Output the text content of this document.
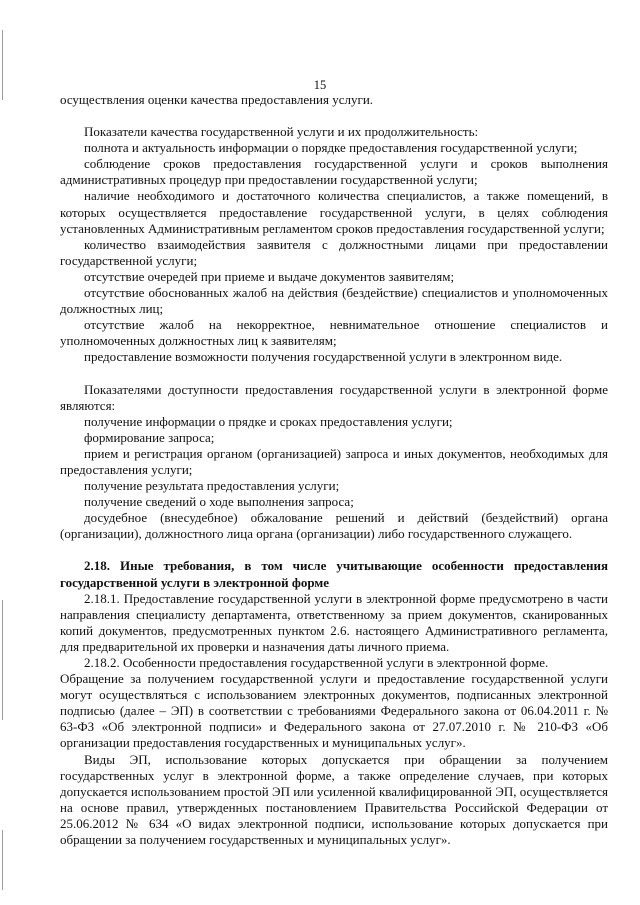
15

осуществления оценки качества предоставления услуги.

Показатели качества государственной услуги и их продолжительность:

полнота и актуальность информации о порядке предоставления государственной услуги;

соблюдение сроков предоставления государственной услуги и сроков выполнения административных процедур при предоставлении государственной услуги;

наличие необходимого и достаточного количества специалистов, а также помещений, в которых осуществляется предоставление государственной услуги, в целях соблюдения установленных Административным регламентом сроков предоставления государственной услуги;

количество взаимодействия заявителя с должностными лицами при предоставлении государственной услуги;

отсутствие очередей при приеме и выдаче документов заявителям;

отсутствие обоснованных жалоб на действия (бездействие) специалистов и уполномоченных должностных лиц;

отсутствие жалоб на некорректное, невнимательное отношение специалистов и уполномоченных должностных лиц к заявителям;

предоставление возможности получения государственной услуги в электронном виде.

Показателями доступности предоставления государственной услуги в электронной форме являются:

получение информации о прядке и сроках предоставления услуги;

формирование запроса;

прием и регистрация органом (организацией) запроса и иных документов, необходимых для предоставления услуги;

получение результата предоставления услуги;

получение сведений о ходе выполнения запроса;

досудебное (внесудебное) обжалование решений и действий (бездействий) органа (организации), должностного лица органа (организации) либо государственного служащего.

2.18. Иные требования, в том числе учитывающие особенности предоставления государственной услуги в электронной форме

2.18.1. Предоставление государственной услуги в электронной форме предусмотрено в части направления специалисту департамента, ответственному за прием документов, сканированных копий документов, предусмотренных пунктом 2.6. настоящего Административного регламента, для предварительной их проверки и назначения даты личного приема.

2.18.2. Особенности предоставления государственной услуги в электронной форме.

Обращение за получением государственной услуги и предоставление государственной услуги могут осуществляться с использованием электронных документов, подписанных электронной подписью (далее – ЭП) в соответствии с требованиями Федерального закона от 06.04.2011 г. № 63-ФЗ «Об электронной подписи» и Федерального закона от 27.07.2010 г. № 210-ФЗ «Об организации предоставления государственных и муниципальных услуг».

Виды ЭП, использование которых допускается при обращении за получением государственных услуг в электронной форме, а также определение случаев, при которых допускается использованием простой ЭП или усиленной квалифицированной ЭП, осуществляется на основе правил, утвержденных постановлением Правительства Российской Федерации от 25.06.2012 № 634 «О видах электронной подписи, использование которых допускается при обращении за получением государственных и муниципальных услуг».
